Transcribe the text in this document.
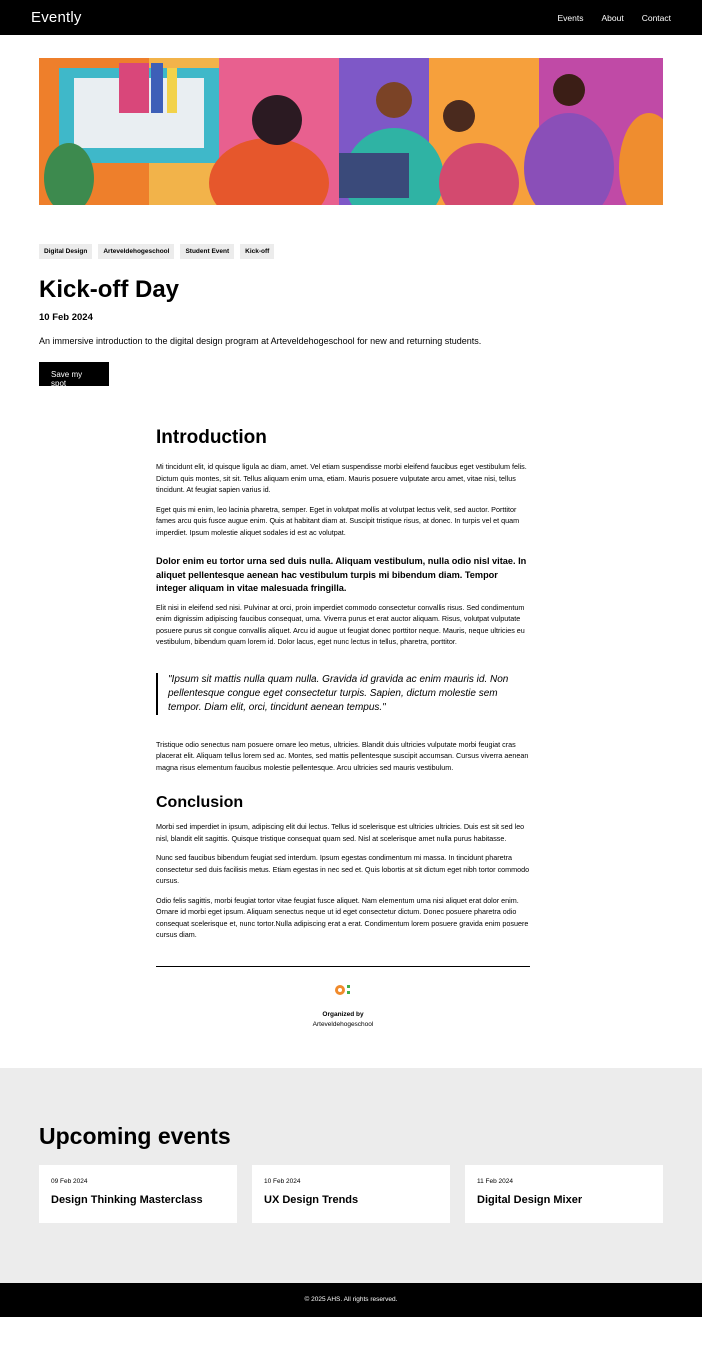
Evently	Events About Contact
Digital Design	Arteveldehogeschool	Student Event	Kick-off
Kick-off Day
10 Feb 2024

An immersive introduction to the digital design program at Arteveldehogeschool for new and returning students.

Save my spot
Introduction

Mi tincidunt elit, id quisque ligula ac diam, amet. Vel etiam suspendisse morbi eleifend faucibus eget vestibulum felis. Dictum quis montes, sit sit. Tellus aliquam enim urna, etiam. Mauris posuere vulputate arcu amet, vitae nisi, tellus tincidunt. At feugiat sapien varius id.

Eget quis mi enim, leo lacinia pharetra, semper. Eget in volutpat mollis at volutpat lectus velit, sed auctor. Porttitor fames arcu quis fusce augue enim. Quis at habitant diam at. Suscipit tristique risus, at donec. In turpis vel et quam imperdiet. Ipsum molestie aliquet sodales id est ac volutpat.

Dolor enim eu tortor urna sed duis nulla. Aliquam vestibulum, nulla odio nisl vitae. In aliquet pellentesque aenean hac vestibulum turpis mi bibendum diam. Tempor integer aliquam in vitae malesuada fringilla.

Elit nisi in eleifend sed nisi. Pulvinar at orci, proin imperdiet commodo consectetur convallis risus. Sed condimentum enim dignissim adipiscing faucibus consequat, urna. Viverra purus et erat auctor aliquam. Risus, volutpat vulputate posuere purus sit congue convallis aliquet. Arcu id augue ut feugiat donec porttitor neque. Mauris, neque ultricies eu vestibulum, bibendum quam lorem id. Dolor lacus, eget nunc lectus in tellus, pharetra, porttitor.

"Ipsum sit mattis nulla quam nulla. Gravida id gravida ac enim mauris id. Non pellentesque congue eget consectetur turpis. Sapien, dictum molestie sem tempor. Diam elit, orci, tincidunt aenean tempus."

Tristique odio senectus nam posuere ornare leo metus, ultricies. Blandit duis ultricies vulputate morbi feugiat cras placerat elit. Aliquam tellus lorem sed ac. Montes, sed mattis pellentesque suscipit accumsan. Cursus viverra aenean magna risus elementum faucibus molestie pellentesque. Arcu ultricies sed mauris vestibulum.

Conclusion

Morbi sed imperdiet in ipsum, adipiscing elit dui lectus. Tellus id scelerisque est ultricies ultricies. Duis est sit sed leo nisl, blandit elit sagittis. Quisque tristique consequat quam sed. Nisl at scelerisque amet nulla purus habitasse.

Nunc sed faucibus bibendum feugiat sed interdum. Ipsum egestas condimentum mi massa. In tincidunt pharetra consectetur sed duis facilisis metus. Etiam egestas in nec sed et. Quis lobortis at sit dictum eget nibh tortor commodo cursus.

Odio felis sagittis, morbi feugiat tortor vitae feugiat fusce aliquet. Nam elementum urna nisi aliquet erat dolor enim. Ornare id morbi eget ipsum. Aliquam senectus neque ut id eget consectetur dictum. Donec posuere pharetra odio consequat scelerisque et, nunc tortor.Nulla adipiscing erat a erat. Condimentum lorem posuere gravida enim posuere cursus diam.

Organized by
Arteveldehogeschool
Upcoming events
09 Feb 2024
Design Thinking Masterclass
10 Feb 2024
UX Design Trends
11 Feb 2024
Digital Design Mixer
© 2025 AHS. All rights reserved.
